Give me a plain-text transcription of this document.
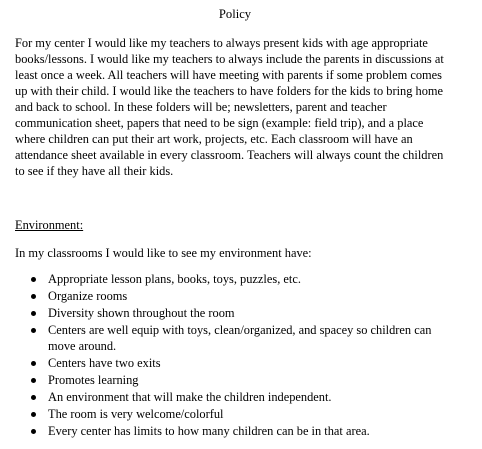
Policy

For my center I would like my teachers to always present kids with age appropriate books/lessons. I would like my teachers to always include the parents in discussions at least once a week. All teachers will have meeting with parents if some problem comes up with their child. I would like the teachers to have folders for the kids to bring home and back to school. In these folders will be; newsletters, parent and teacher communication sheet, papers that need to be sign (example: field trip), and a place where children can put their art work, projects, etc. Each classroom will have an attendance sheet available in every classroom. Teachers will always count the children to see if they have all their kids.

Environment:
In my classrooms I would like to see my environment have:
Appropriate lesson plans, books, toys, puzzles, etc.
Organize rooms
Diversity shown throughout the room
Centers are well equip with toys, clean/organized, and spacey so children can move around.
Centers have two exits
Promotes learning
An environment that will make the children independent.
The room is very welcome/colorful
Every center has limits to how many children can be in that area.
